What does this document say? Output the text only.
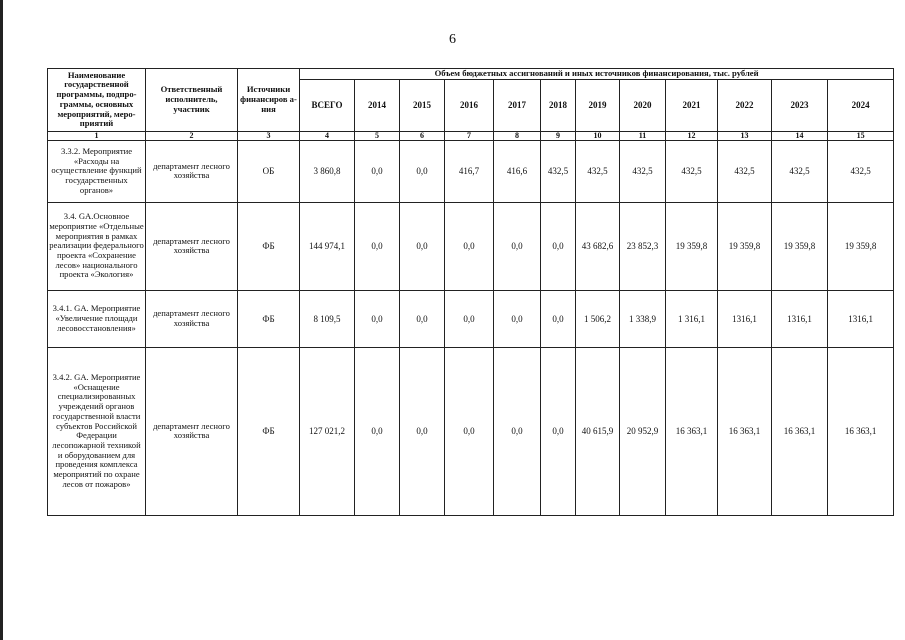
6
Наименование государственной программы, подпро-граммы, основных мероприятий, меро-приятий	Ответственный исполнитель, участник	Источники финансиров а-ния	Объем бюджетных ассигнований и иных источников финансирования, тыс. рублей											
			ВСЕГО	2014	2015	2016	2017	2018	2019	2020	2021	2022	2023	2024
1	2	3	4	5	6	7	8	9	10	11	12	13	14	15
3.3.2. Мероприятие «Расходы на осуществление функций государственных органов»	департамент лесного хозяйства	ОБ	3 860,8	0,0	0,0	416,7	416,6	432,5	432,5	432,5	432,5	432,5	432,5	432,5
3.4. GA.Основное мероприятие «Отдельные мероприятия в рамках реализации федерального проекта «Сохранение лесов» национального проекта «Экология»	департамент лесного хозяйства	ФБ	144 974,1	0,0	0,0	0,0	0,0	0,0	43 682,6	23 852,3	19 359,8	19 359,8	19 359,8	19 359,8
3.4.1. GA. Мероприятие «Увеличение площади лесовосстановления»	департамент лесного хозяйства	ФБ	8 109,5	0,0	0,0	0,0	0,0	0,0	1 506,2	1 338,9	1 316,1	1316,1	1316,1	1316,1
3.4.2. GA. Мероприятие «Оснащение специализированных учреждений органов государственной власти субъектов Российской Федерации лесопожарной техникой и оборудованием для проведения комплекса мероприятий по охране лесов от пожаров»	департамент лесного хозяйства	ФБ	127 021,2	0,0	0,0	0,0	0,0	0,0	40 615,9	20 952,9	16 363,1	16 363,1	16 363,1	16 363,1
